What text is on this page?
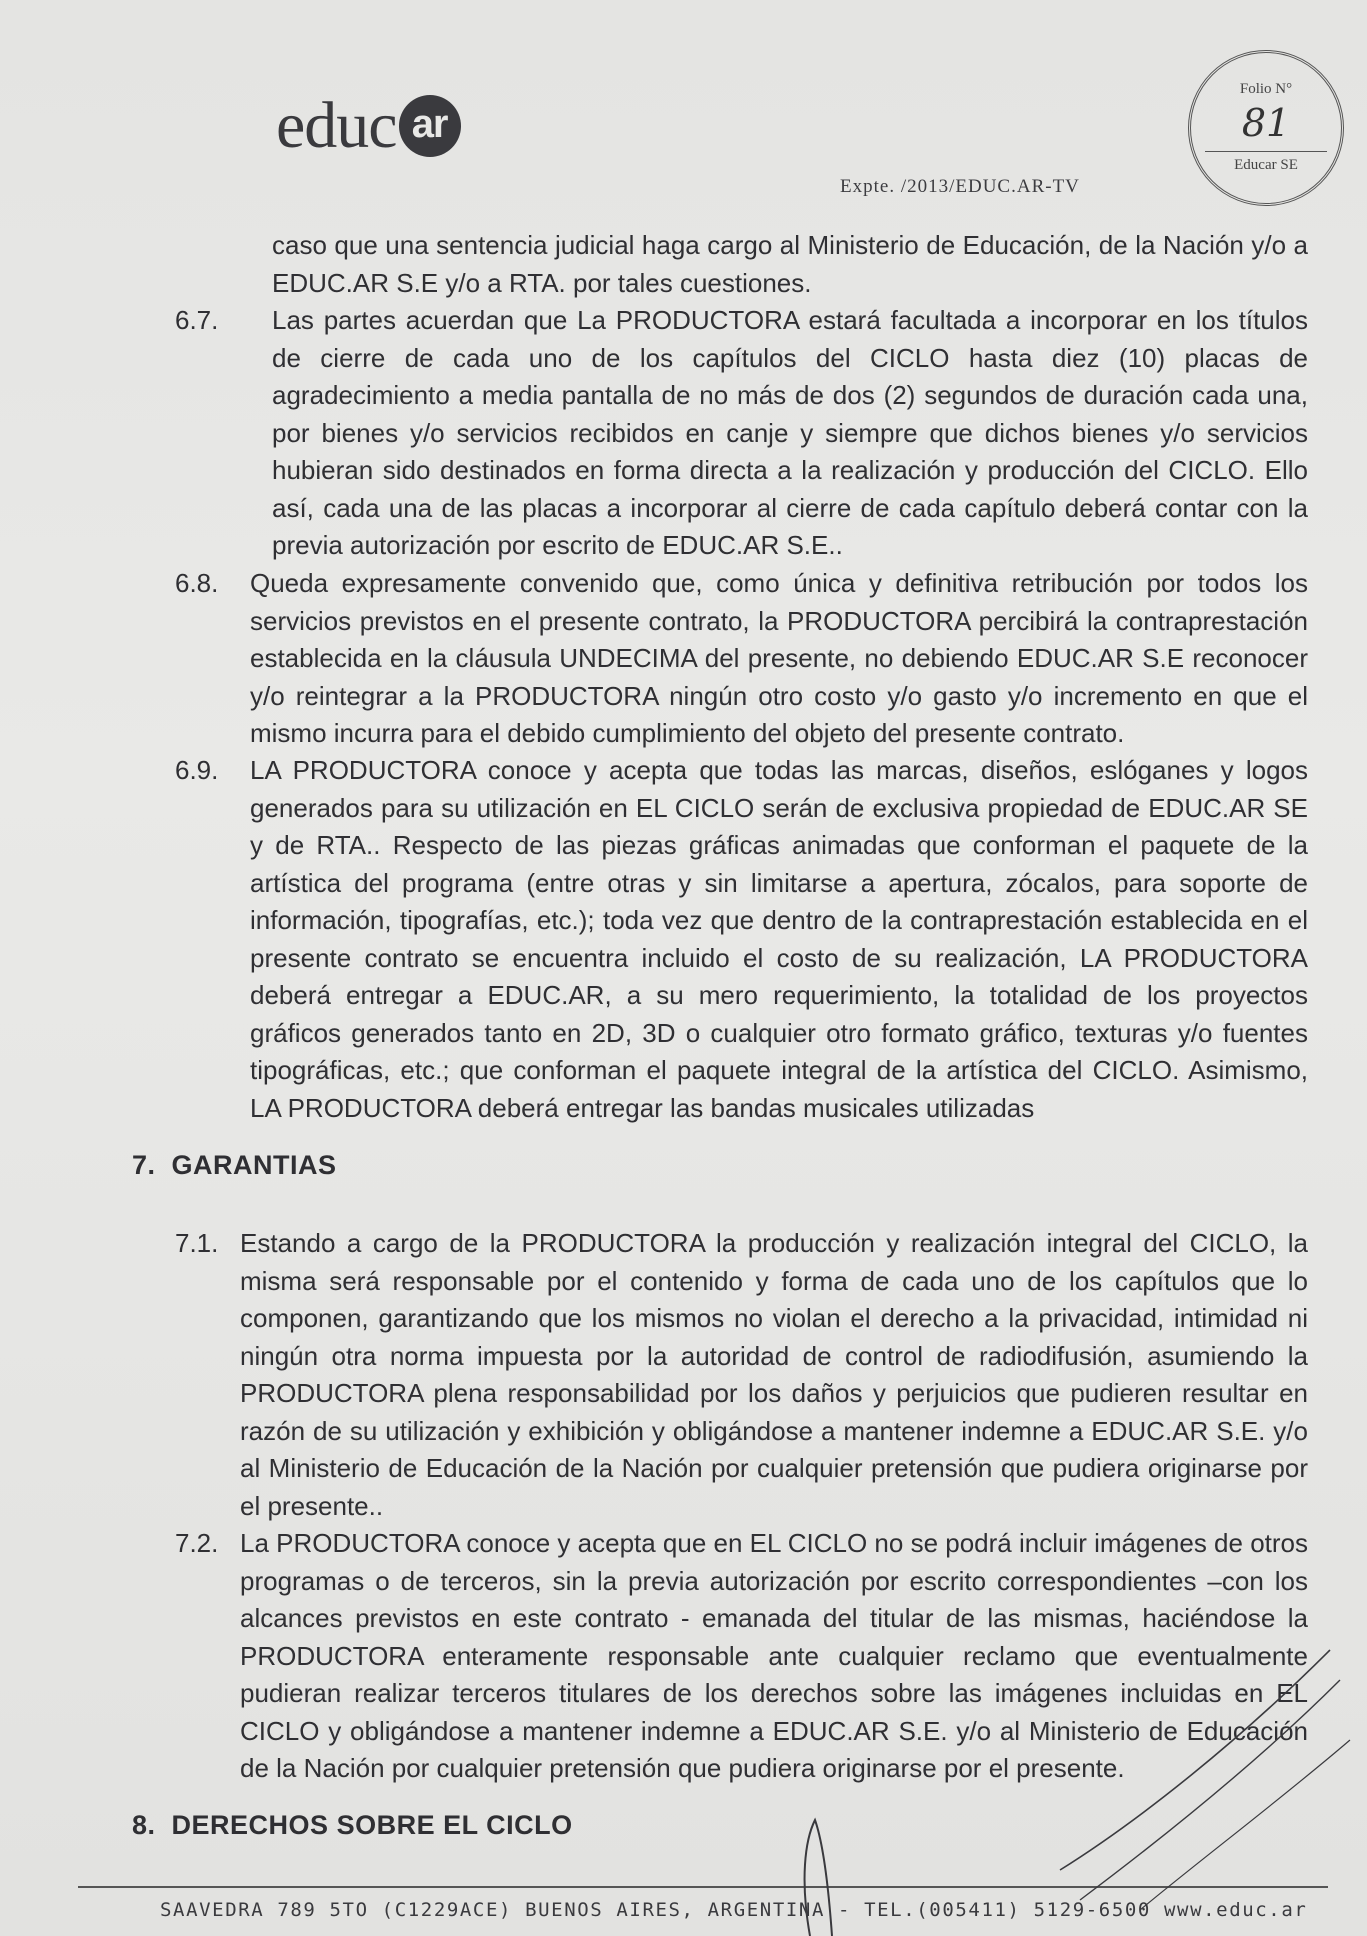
educ ar
Expte. /2013/EDUC.AR-TV
Folio N°
81
Educar SE
caso que una sentencia judicial haga cargo al Ministerio de Educación, de la Nación y/o a EDUC.AR S.E y/o a RTA. por tales cuestiones.
6.7. Las partes acuerdan que La PRODUCTORA estará facultada a incorporar en los títulos de cierre de cada uno de los capítulos del CICLO hasta diez (10) placas de agradecimiento a media pantalla de no más de dos (2) segundos de duración cada una, por bienes y/o servicios recibidos en canje y siempre que dichos bienes y/o servicios hubieran sido destinados en forma directa a la realización y producción del CICLO. Ello así, cada una de las placas a incorporar al cierre de cada capítulo deberá contar con la previa autorización por escrito de EDUC.AR S.E..
6.8. Queda expresamente convenido que, como única y definitiva retribución por todos los servicios previstos en el presente contrato, la PRODUCTORA percibirá la contraprestación establecida en la cláusula UNDECIMA del presente, no debiendo EDUC.AR S.E reconocer y/o reintegrar a la PRODUCTORA ningún otro costo y/o gasto y/o incremento en que el mismo incurra para el debido cumplimiento del objeto del presente contrato.
6.9. LA PRODUCTORA conoce y acepta que todas las marcas, diseños, eslóganes y logos generados para su utilización en EL CICLO serán de exclusiva propiedad de EDUC.AR SE y de RTA.. Respecto de las piezas gráficas animadas que conforman el paquete de la artística del programa (entre otras y sin limitarse a apertura, zócalos, para soporte de información, tipografías, etc.); toda vez que dentro de la contraprestación establecida en el presente contrato se encuentra incluido el costo de su realización, LA PRODUCTORA deberá entregar a EDUC.AR, a su mero requerimiento, la totalidad de los proyectos gráficos generados tanto en 2D, 3D o cualquier otro formato gráfico, texturas y/o fuentes tipográficas, etc.; que conforman el paquete integral de la artística del CICLO. Asimismo, LA PRODUCTORA deberá entregar las bandas musicales utilizadas
7. GARANTIAS
7.1. Estando a cargo de la PRODUCTORA la producción y realización integral del CICLO, la misma será responsable por el contenido y forma de cada uno de los capítulos que lo componen, garantizando que los mismos no violan el derecho a la privacidad, intimidad ni ningún otra norma impuesta por la autoridad de control de radiodifusión, asumiendo la PRODUCTORA plena responsabilidad por los daños y perjuicios que pudieren resultar en razón de su utilización y exhibición y obligándose a mantener indemne a EDUC.AR S.E. y/o al Ministerio de Educación de la Nación por cualquier pretensión que pudiera originarse por el presente..
7.2. La PRODUCTORA conoce y acepta que en EL CICLO no se podrá incluir imágenes de otros programas o de terceros, sin la previa autorización por escrito correspondientes –con los alcances previstos en este contrato - emanada del titular de las mismas, haciéndose la PRODUCTORA enteramente responsable ante cualquier reclamo que eventualmente pudieran realizar terceros titulares de los derechos sobre las imágenes incluidas en EL CICLO y obligándose a mantener indemne a EDUC.AR S.E. y/o al Ministerio de Educación de la Nación por cualquier pretensión que pudiera originarse por el presente.
8. DERECHOS SOBRE EL CICLO
SAAVEDRA 789 5TO (C1229ACE) BUENOS AIRES, ARGENTINA - TEL.(005411) 5129-6500 www.educ.ar
